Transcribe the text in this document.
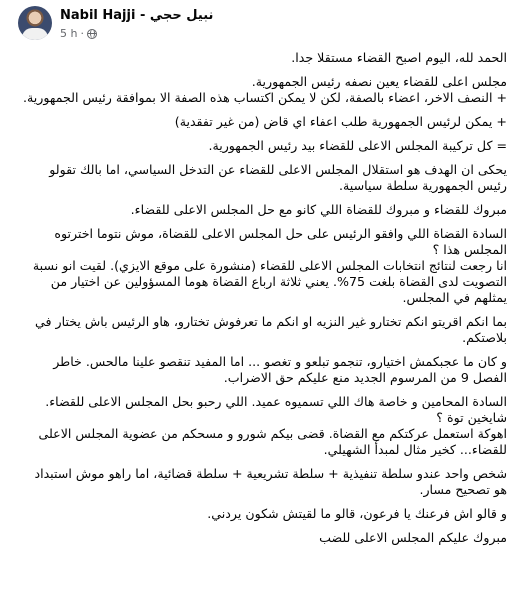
Nabil Hajji - نبيل حجي
5 h ·

الحمد لله، اليوم اصبح القضاء مستقلا جدا.

مجلس اعلى للقضاء يعين نصفه رئيس الجمهورية.
+ النصف الاخر، اعضاء بالصفة، لكن لا يمكن اكتساب هذه الصفة الا بموافقة رئيس الجمهورية.

+ يمكن لرئيس الجمهورية طلب اعفاء اي قاض (من غير تفقدية)

= كل تركيبة المجلس الاعلى للقضاء بيد رئيس الجمهورية.

يحكى ان الهدف هو استقلال المجلس الاعلى للقضاء عن التدخل السياسي، اما بالك تقولو رئيس الجمهورية سلطة سياسية.

مبروك للقضاء و مبروك للقضاة اللي كانو مع حل المجلس الاعلى للقضاء.

السادة القضاة اللي وافقو الرئيس على حل المجلس الاعلى للقضاة، موش نتوما اخترتوه المجلس هذا ؟
انا رجعت لنتائج انتخابات المجلس الاعلى للقضاء (منشورة على موقع الايزي). لقيت انو نسبة التصويت لدى القضاة بلغت 75%. يعني ثلاثة ارباع القضاة هوما المسؤولين عن اختيار من يمثلهم في المجلس.

بما انكم اقريتو انكم تختارو غير النزيه او انكم ما تعرفوش تختارو، هاو الرئيس باش يختار في بلاصتكم.

و كان ما عجبكمش اختيارو، تنجمو تبلعو و تغصو ... اما المفيد تنقصو علينا مالحس. خاطر الفصل 9 من المرسوم الجديد منع عليكم حق الاضراب.

السادة المحامين و خاصة هاك اللي تسميوه عميد. اللي رحبو بحل المجلس الاعلى للقضاء. شايخين توة ؟
اهوكة استعمل عركتكم مع القضاة. قضى بيكم شورو و مسحكم من عضوية المجلس الاعلى للقضاء... كخير مثال لمبدأ الشهيلي.

شخص واحد عندو سلطة تنفيذية + سلطة تشريعية + سلطة قضائية، اما راهو موش استبداد هو تصحيح مسار.

و قالو اش فرعنك يا فرعون، قالو ما لقيتش شكون يردني.

مبروك عليكم المجلس الاعلى للضب
